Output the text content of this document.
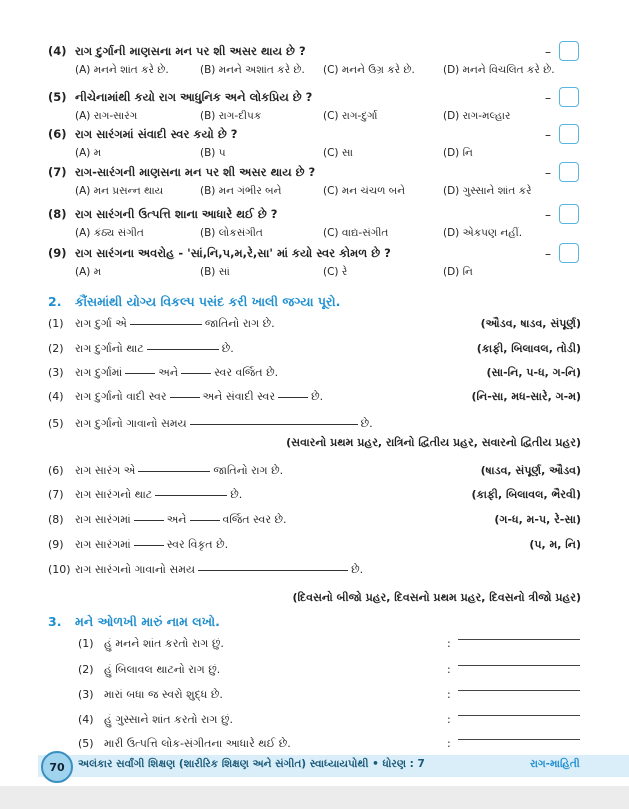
(4) રાગ દુર્ગાની માણસના મન પર શી અસર થાય છે ?
(A) મનને શાંત કરે છે.	(B) મનને અશાંત કરે છે. (C) મનને ઉગ્ર કરે છે.	(D) મનને વિચલિત કરે છે.
–
(5) નીચેનામાંથી કયો રાગ આધુનિક અને લોકપ્રિય છે ?
(A) રાગ-સારંગ	(B) રાગ-દીપક	(C) રાગ-દુર્ગા	(D) રાગ-મલ્હાર
–
(6) રાગ સારંગમાં સંવાદી સ્વર કયો છે ?
(A) મ	(B) પ	(C) સા	(D) નિ
–
(7) રાગ-સારંગની માણસના મન પર શી અસર થાય છે ?
(A) મન પ્રસન્ન થાય	(B) મન ગંભીર બને	(C) મન ચંચળ બને	(D) ગુસ્સાને શાંત કરે
–
(8) રાગ સારંગની ઉત્પત્તિ શાના આધારે થઈ છે ?
(A) કંઠ્ય સંગીત	(B) લોકસંગીત	(C) વાદ્ય-સંગીત	(D) એકપણ નહીં.
–
(9) રાગ સારંગના અવરોહ - 'સાં,નિ,પ,મ,રે,સા' માં કયો સ્વર કોમળ છે ?
(A) મ	(B) સાં	(C) રે	(D) નિ
–
2. કૌંસમાંથી યોગ્ય વિકલ્પ પસંદ કરી ખાલી જગ્યા પૂરો.
(1) રાગ દુર્ગા એ	જાતિનો રાગ છે.	(ઔડવ, ષાડવ, સંપૂર્ણ)
(2) રાગ દુર્ગાનો થાટ	છે.	(કાફી, બિલાવલ, તોડી)
(3) રાગ દુર્ગામાં	અને	સ્વર વર્જિત છે.	(સા-નિ, પ-ધ, ગ-નિ)
(4) રાગ દુર્ગાનો વાદી સ્વર	અને સંવાદી સ્વર	છે.	(નિ-સા, મધ-સારે, ગ-મ)
(5) રાગ દુર્ગાનો ગાવાનો સમય	છે.
(સવારનો પ્રથમ પ્રહર, રાત્રિનો દ્વિતીય પ્રહર, સવારનો દ્વિતીય પ્રહર)
(6) રાગ સારંગ એ	જાતિનો રાગ છે.	(ષાડવ, સંપૂર્ણ, ઔડવ)
(7) રાગ સારંગનો થાટ	છે.	(કાફી, બિલાવલ, ભૈરવી)
(8) રાગ સારંગમાં	અને	વર્જિત સ્વર છે.	(ગ-ધ, મ-પ, રે-સા)
(9) રાગ સારંગમાં	સ્વર વિકૃત છે.	(પ, મ, નિ)
(10) રાગ સારંગનો ગાવાનો સમય	છે.
(દિવસનો બીજો પ્રહર, દિવસનો પ્રથમ પ્રહર, દિવસનો ત્રીજો પ્રહર)
3. મને ઓળખી મારું નામ લખો.
(1) હું મનને શાંત કરતો રાગ છું.	:
(2) હું બિલાવલ થાટનો રાગ છું.	:
(3) મારાં બધા જ સ્વરો શુદ્ધ છે.	:
(4) હું ગુસ્સાને શાંત કરતો રાગ છું.	:
(5) મારી ઉત્પત્તિ લોક-સંગીતના આધારે થઈ છે.	:
70	અલંકાર સર્વાંગી શિક્ષણ (શારીરિક શિક્ષણ અને સંગીત) સ્વાધ્યાયપોથી • ધોરણ : 7	રાગ-માહિતી
